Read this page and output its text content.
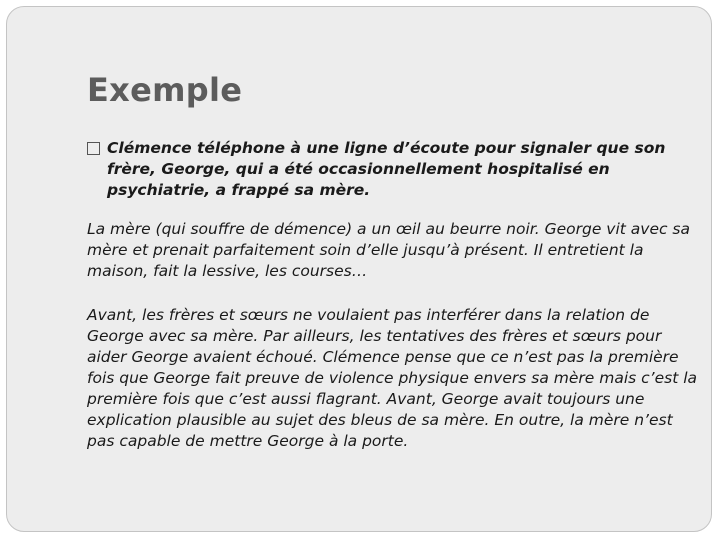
Exemple
Clémence téléphone à une ligne d’écoute pour signaler que son frère, George, qui a été occasionnellement hospitalisé en psychiatrie, a frappé sa mère.

La mère (qui souffre de démence) a un œil au beurre noir. George vit avec sa mère et prenait parfaitement soin d’elle jusqu’à présent. Il entretient la maison, fait la lessive, les courses…

Avant, les frères et sœurs ne voulaient pas interférer dans la relation de George avec sa mère. Par ailleurs, les tentatives des frères et sœurs pour aider George avaient échoué. Clémence pense que ce n’est pas la première fois que George fait preuve de violence physique envers sa mère mais c’est la première fois que c’est aussi flagrant. Avant, George avait toujours une explication plausible au sujet des bleus de sa mère. En outre, la mère n’est pas capable de mettre George à la porte.
